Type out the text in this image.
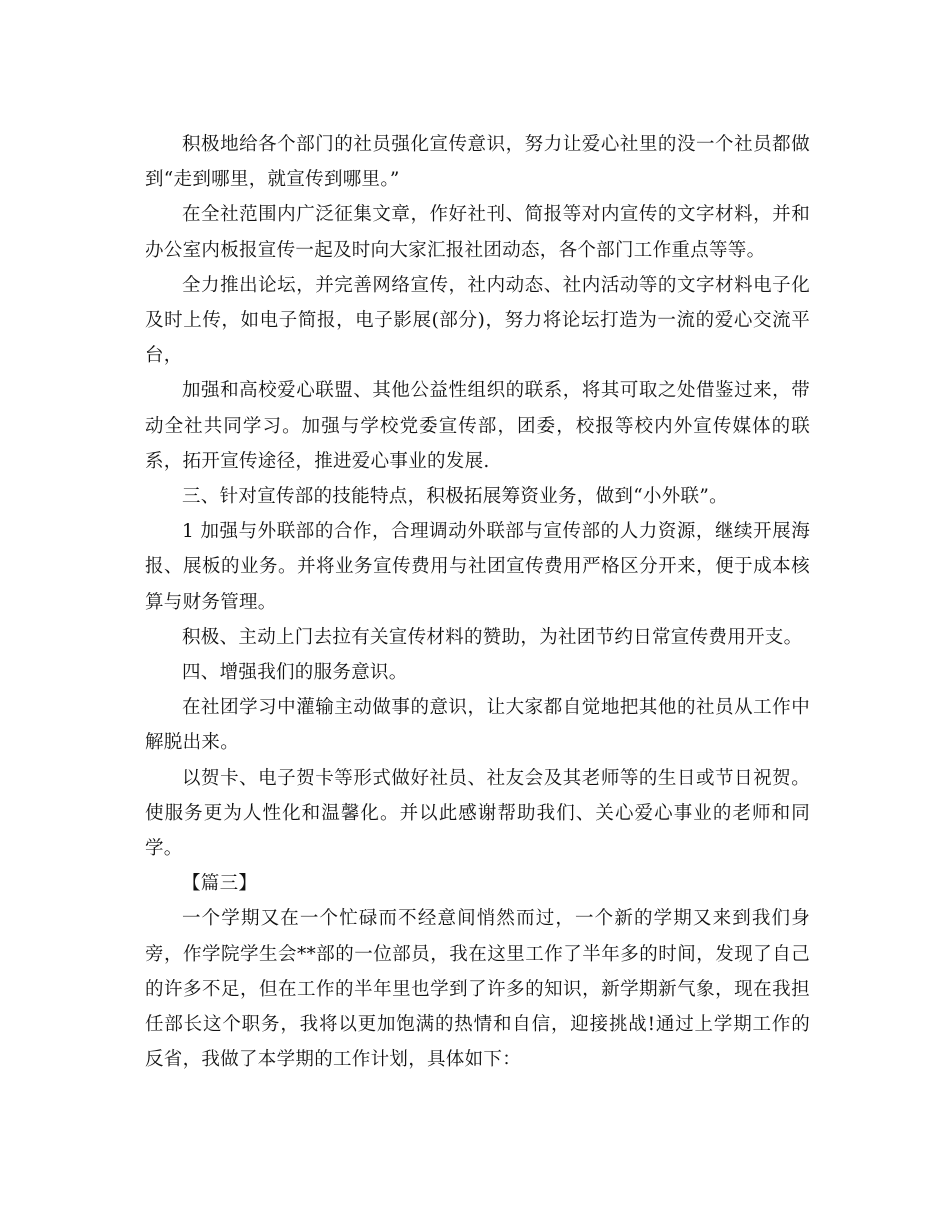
积极地给各个部门的社员强化宣传意识，努力让爱心社里的没一个社员都做到“走到哪里，就宣传到哪里。”

在全社范围内广泛征集文章，作好社刊、简报等对内宣传的文字材料，并和办公室内板报宣传一起及时向大家汇报社团动态，各个部门工作重点等等。

全力推出论坛，并完善网络宣传，社内动态、社内活动等的文字材料电子化及时上传，如电子简报，电子影展(部分)，努力将论坛打造为一流的爱心交流平台，

加强和高校爱心联盟、其他公益性组织的联系，将其可取之处借鉴过来，带动全社共同学习。加强与学校党委宣传部，团委，校报等校内外宣传媒体的联系，拓开宣传途径，推进爱心事业的发展.

三、针对宣传部的技能特点，积极拓展筹资业务，做到“小外联”。

1 加强与外联部的合作，合理调动外联部与宣传部的人力资源，继续开展海报、展板的业务。并将业务宣传费用与社团宣传费用严格区分开来，便于成本核算与财务管理。

积极、主动上门去拉有关宣传材料的赞助，为社团节约日常宣传费用开支。

四、增强我们的服务意识。

在社团学习中灌输主动做事的意识，让大家都自觉地把其他的社员从工作中解脱出来。

以贺卡、电子贺卡等形式做好社员、社友会及其老师等的生日或节日祝贺。使服务更为人性化和温馨化。并以此感谢帮助我们、关心爱心事业的老师和同学。

【篇三】

一个学期又在一个忙碌而不经意间悄然而过，一个新的学期又来到我们身旁，作学院学生会**部的一位部员，我在这里工作了半年多的时间，发现了自己的许多不足，但在工作的半年里也学到了许多的知识，新学期新气象，现在我担任部长这个职务，我将以更加饱满的热情和自信，迎接挑战!通过上学期工作的反省，我做了本学期的工作计划，具体如下：
